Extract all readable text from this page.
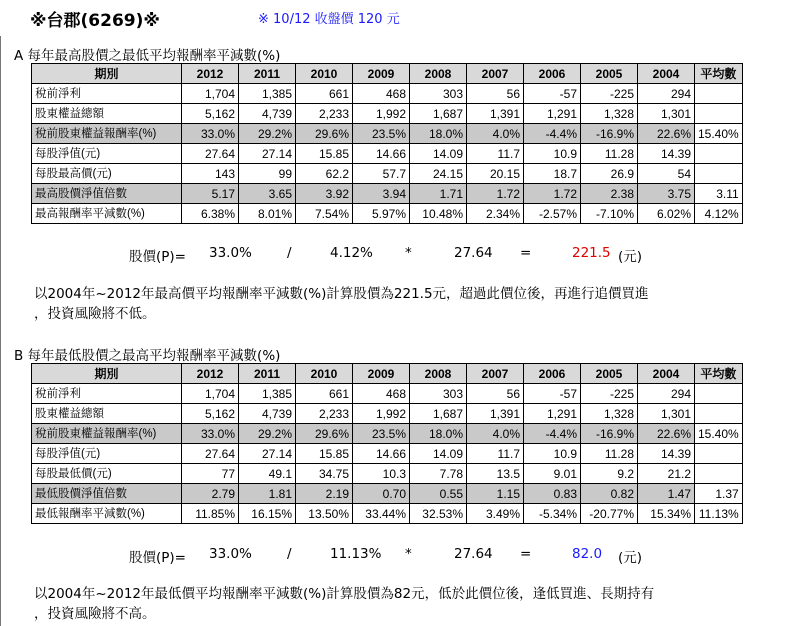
※台郡(6269)※	※ 10/12 收盤價 120 元
A 每年最高股價之最低平均報酬率平減數(%)
期別	2012	2011	2010	2009	2008	2007	2006	2005	2004	平均數
稅前淨利	1,704	1,385	661	468	303	56	-57	-225	294	
股東權益總額	5,162	4,739	2,233	1,992	1,687	1,391	1,291	1,328	1,301	
稅前股東權益報酬率(%)	33.0%	29.2%	29.6%	23.5%	18.0%	4.0%	-4.4%	-16.9%	22.6%	15.40%
每股淨值(元)	27.64	27.14	15.85	14.66	14.09	11.7	10.9	11.28	14.39	
每股最高價(元)	143	99	62.2	57.7	24.15	20.15	18.7	26.9	54	
最高股價淨值倍數	5.17	3.65	3.92	3.94	1.71	1.72	1.72	2.38	3.75	3.11
最高報酬率平減數(%)	6.38%	8.01%	7.54%	5.97%	10.48%	2.34%	-2.57%	-7.10%	6.02%	4.12%
股價(P)= 33.0%	/	4.12% *	27.64 =	221.5 (元)
以2004年~2012年最高價平均報酬率平減數(%)計算股價為221.5元，超過此價位後，再進行追價買進
，投資風險將不低。
B 每年最低股價之最高平均報酬率平減數(%)
期別	2012	2011	2010	2009	2008	2007	2006	2005	2004	平均數
稅前淨利	1,704	1,385	661	468	303	56	-57	-225	294	
股東權益總額	5,162	4,739	2,233	1,992	1,687	1,391	1,291	1,328	1,301	
稅前股東權益報酬率(%)	33.0%	29.2%	29.6%	23.5%	18.0%	4.0%	-4.4%	-16.9%	22.6%	15.40%
每股淨值(元)	27.64	27.14	15.85	14.66	14.09	11.7	10.9	11.28	14.39	
每股最低價(元)	77	49.1	34.75	10.3	7.78	13.5	9.01	9.2	21.2	
最低股價淨值倍數	2.79	1.81	2.19	0.70	0.55	1.15	0.83	0.82	1.47	1.37
最低報酬率平減數(%)	11.85%	16.15%	13.50%	33.44%	32.53%	3.49%	-5.34%	-20.77%	15.34%	11.13%
股價(P)= 33.0%	/	11.13% *	27.64 =	82.0 (元)
以2004年~2012年最低價平均報酬率平減數(%)計算股價為82元，低於此價位後，逢低買進、長期持有
，投資風險將不高。
